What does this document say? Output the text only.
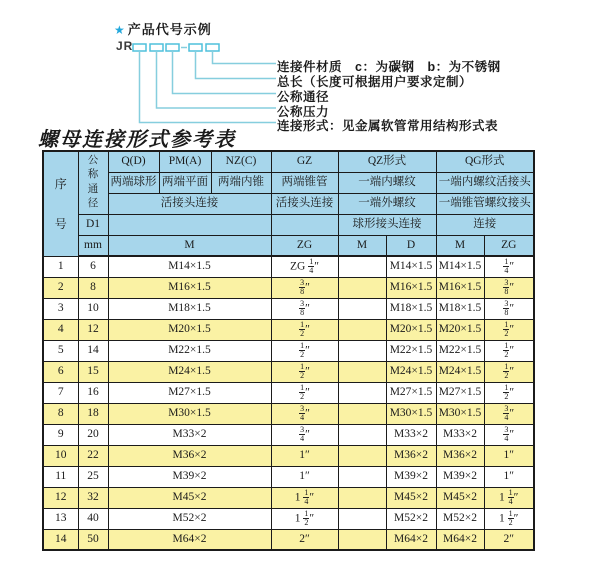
★ 产品代号示例
JR
连接件材质　c：为碳钢　b：为不锈钢
总长（长度可根据用户要求定制）
公称通径
公称压力
连接形式：见金属软管常用结构形式表
螺母连接形式参考表
序号	公称通径	Q(D)	PM(A)	NZ(C)	GZ	QZ形式		QG形式	
		两端球形	两端平面	两端内锥	两端锥管	一端内螺纹		一端内螺纹活接头	
		活接头连接			活接头连接	一端外螺纹		一端锥管螺纹接头	
	D1					球形接头连接		连接	
	mm	M			ZG	M	D	M	ZG
1	6	M14×1.5			ZG $\frac{1}{4}$ ″		M14×1.5	M14×1.5	$\frac{1}{4}$ ″
2	8	M16×1.5			$\frac{3}{8}$ ″		M16×1.5	M16×1.5	$\frac{3}{8}$ ″
3	10	M18×1.5			$\frac{3}{8}$ ″		M18×1.5	M18×1.5	$\frac{3}{8}$ ″
4	12	M20×1.5			$\frac{1}{2}$ ″		M20×1.5	M20×1.5	$\frac{1}{2}$ ″
5	14	M22×1.5			$\frac{1}{2}$ ″		M22×1.5	M22×1.5	$\frac{1}{2}$ ″
6	15	M24×1.5			$\frac{1}{2}$ ″		M24×1.5	M24×1.5	$\frac{1}{2}$ ″
7	16	M27×1.5			$\frac{1}{2}$ ″		M27×1.5	M27×1.5	$\frac{1}{2}$ ″
8	18	M30×1.5			$\frac{3}{4}$ ″		M30×1.5	M30×1.5	$\frac{3}{4}$ ″
9	20	M33×2			$\frac{3}{4}$ ″		M33×2	M33×2	$\frac{3}{4}$ ″
10	22	M36×2			1″		M36×2	M36×2	1″
11	25	M39×2			1″		M39×2	M39×2	1″
12	32	M45×2			$1 \frac{1}{4}$ ″		M45×2	M45×2	$1 \frac{1}{4}$ ″
13	40	M52×2			$1 \frac{1}{2}$ ″		M52×2	M52×2	$1 \frac{1}{2}$ ″
14	50	M64×2			2″		M64×2	M64×2	2″
